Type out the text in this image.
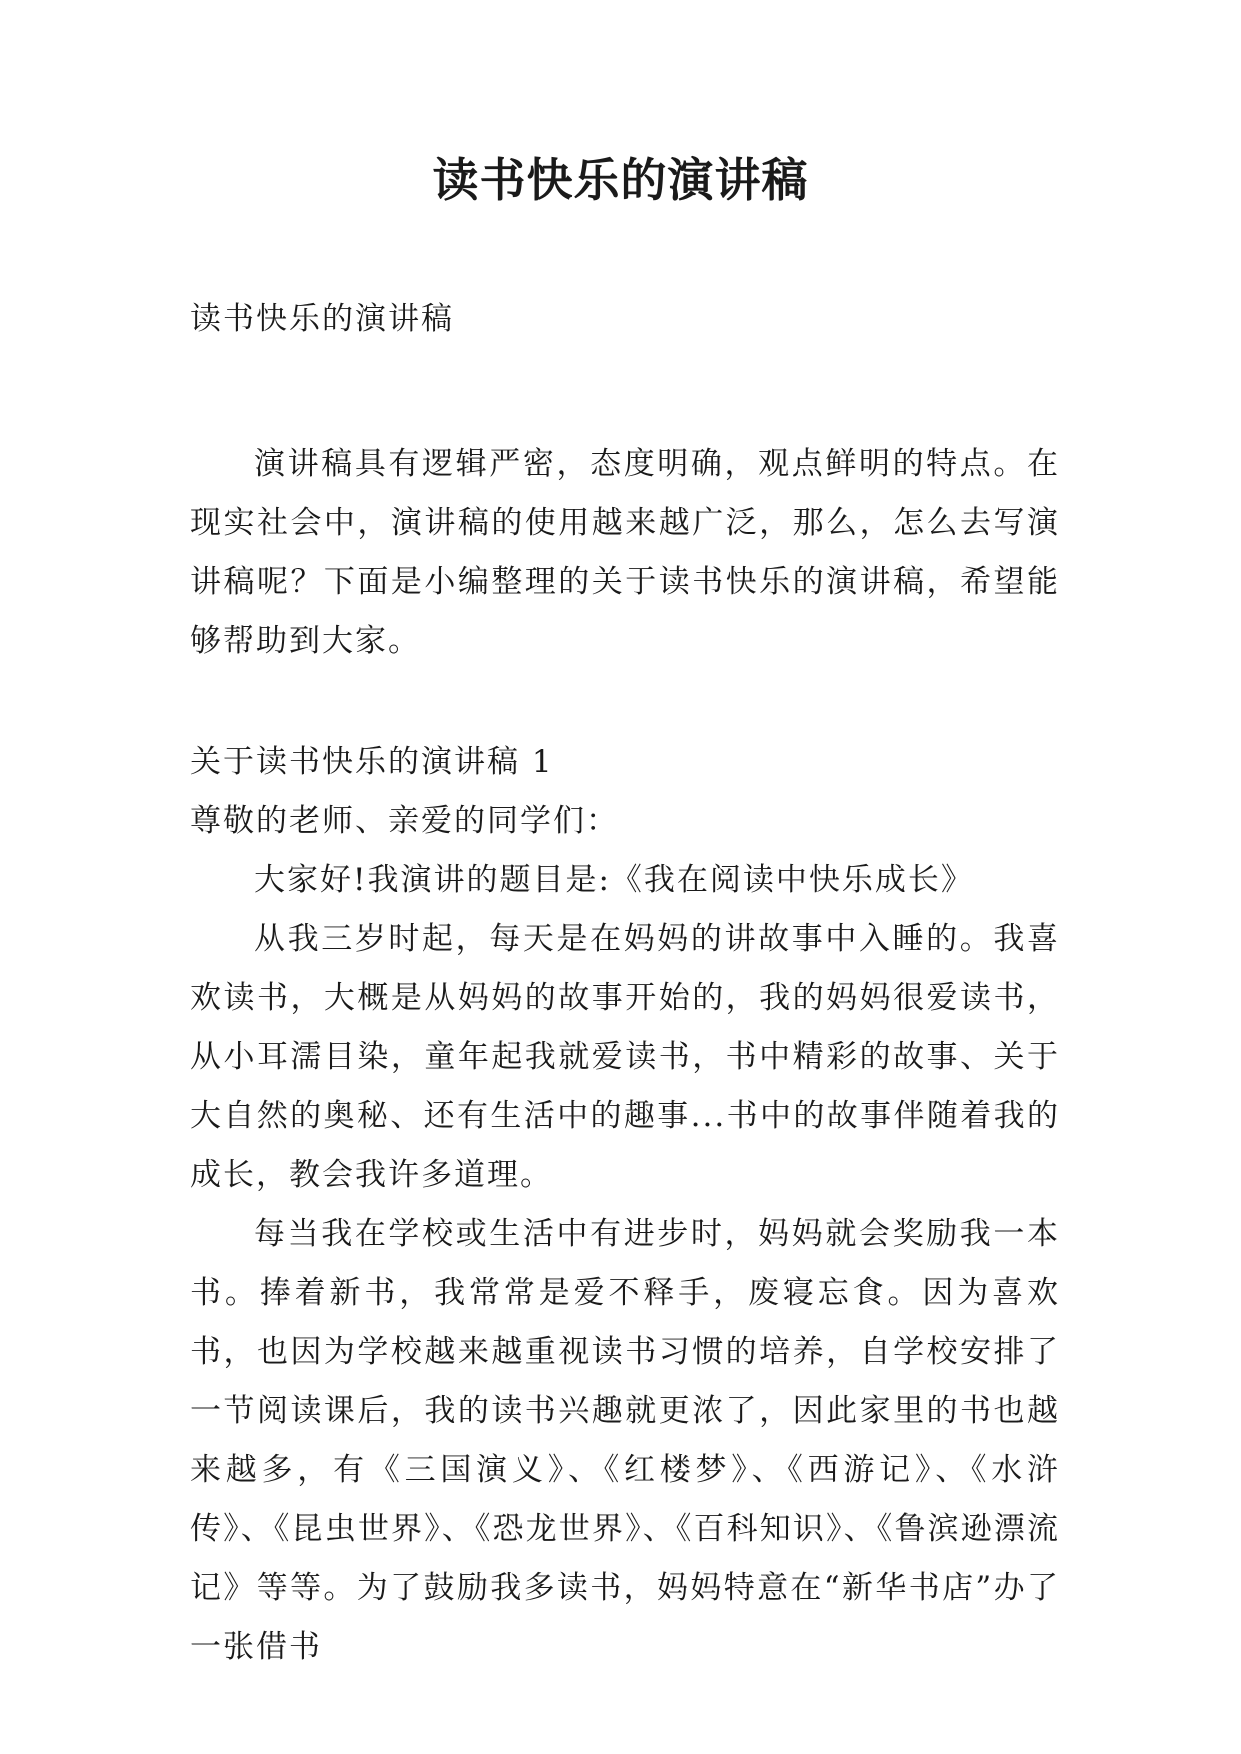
读书快乐的演讲稿

读书快乐的演讲稿

演讲稿具有逻辑严密，态度明确，观点鲜明的特点。在现实社会中，演讲稿的使用越来越广泛，那么，怎么去写演讲稿呢？下面是小编整理的关于读书快乐的演讲稿，希望能够帮助到大家。

关于读书快乐的演讲稿 1

尊敬的老师、亲爱的同学们：

大家好!我演讲的题目是:《我在阅读中快乐成长》

从我三岁时起，每天是在妈妈的讲故事中入睡的。我喜欢读书，大概是从妈妈的故事开始的，我的妈妈很爱读书，从小耳濡目染，童年起我就爱读书，书中精彩的故事、关于大自然的奥秘、还有生活中的趣事...书中的故事伴随着我的成长，教会我许多道理。

每当我在学校或生活中有进步时，妈妈就会奖励我一本书。捧着新书，我常常是爱不释手，废寝忘食。因为喜欢书，也因为学校越来越重视读书习惯的培养，自学校安排了一节阅读课后，我的读书兴趣就更浓了，因此家里的书也越来越多，有《三国演义》、《红楼梦》、《西游记》、《水浒传》、《昆虫世界》、《恐龙世界》、《百科知识》、《鲁滨逊漂流记》等等。为了鼓励我多读书，妈妈特意在“新华书店”办了一张借书
